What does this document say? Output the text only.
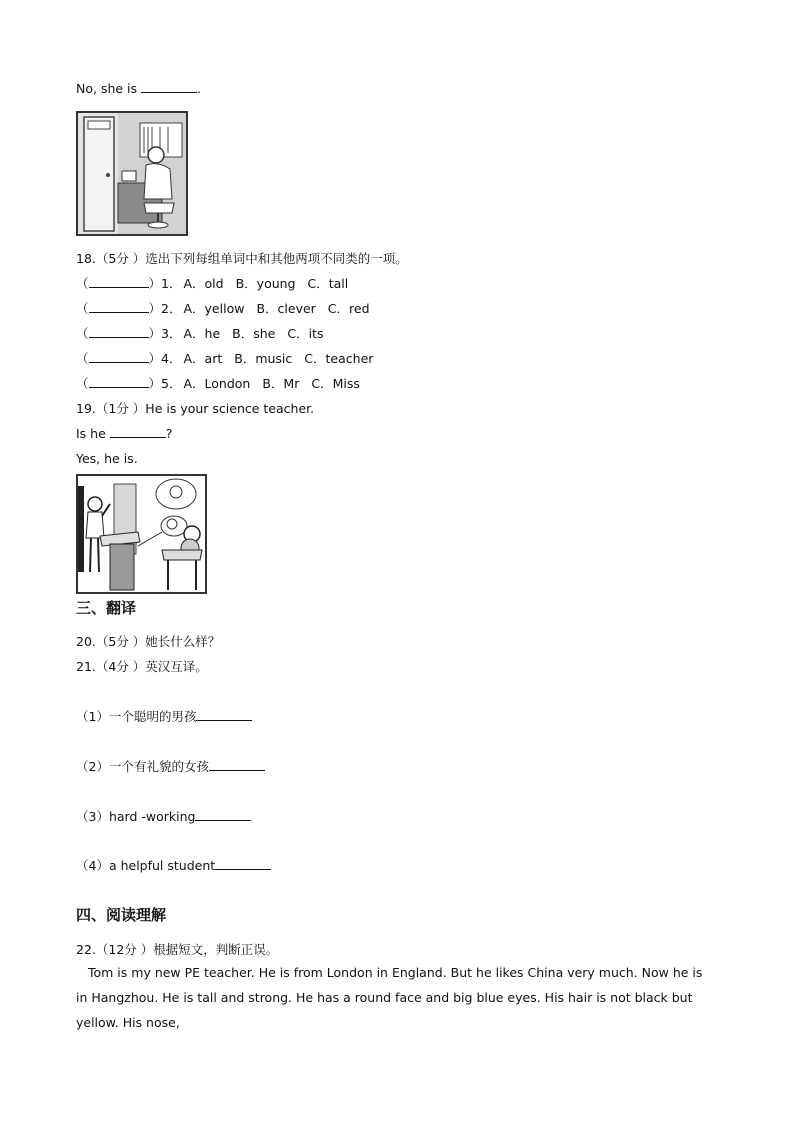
No, she is	.
18.（5分 ）选出下列每组单词中和其他两项不同类的一项。
（	）1． A．old B．young C．tall
（	）2． A．yellow B．clever C．red
（	）3． A．he B．she C．its
（	）4． A．art B．music C．teacher
（	）5． A．London B．Mr C．Miss
19.（1分 ）He is your science teacher.
Is he	?
Yes, he is.
三、翻译
20.（5分 ）她长什么样？
21.（4分 ）英汉互译。
（1）一个聪明的男孩
（2）一个有礼貌的女孩
（3）hard -working
（4）a helpful student
四、阅读理解
22.（12分 ）根据短文，判断正误。
Tom is my new PE teacher. He is from London in England. But he likes China very much. Now he is in Hangzhou. He is tall and strong. He has a round face and big blue eyes. His hair is not black but yellow. His nose,
